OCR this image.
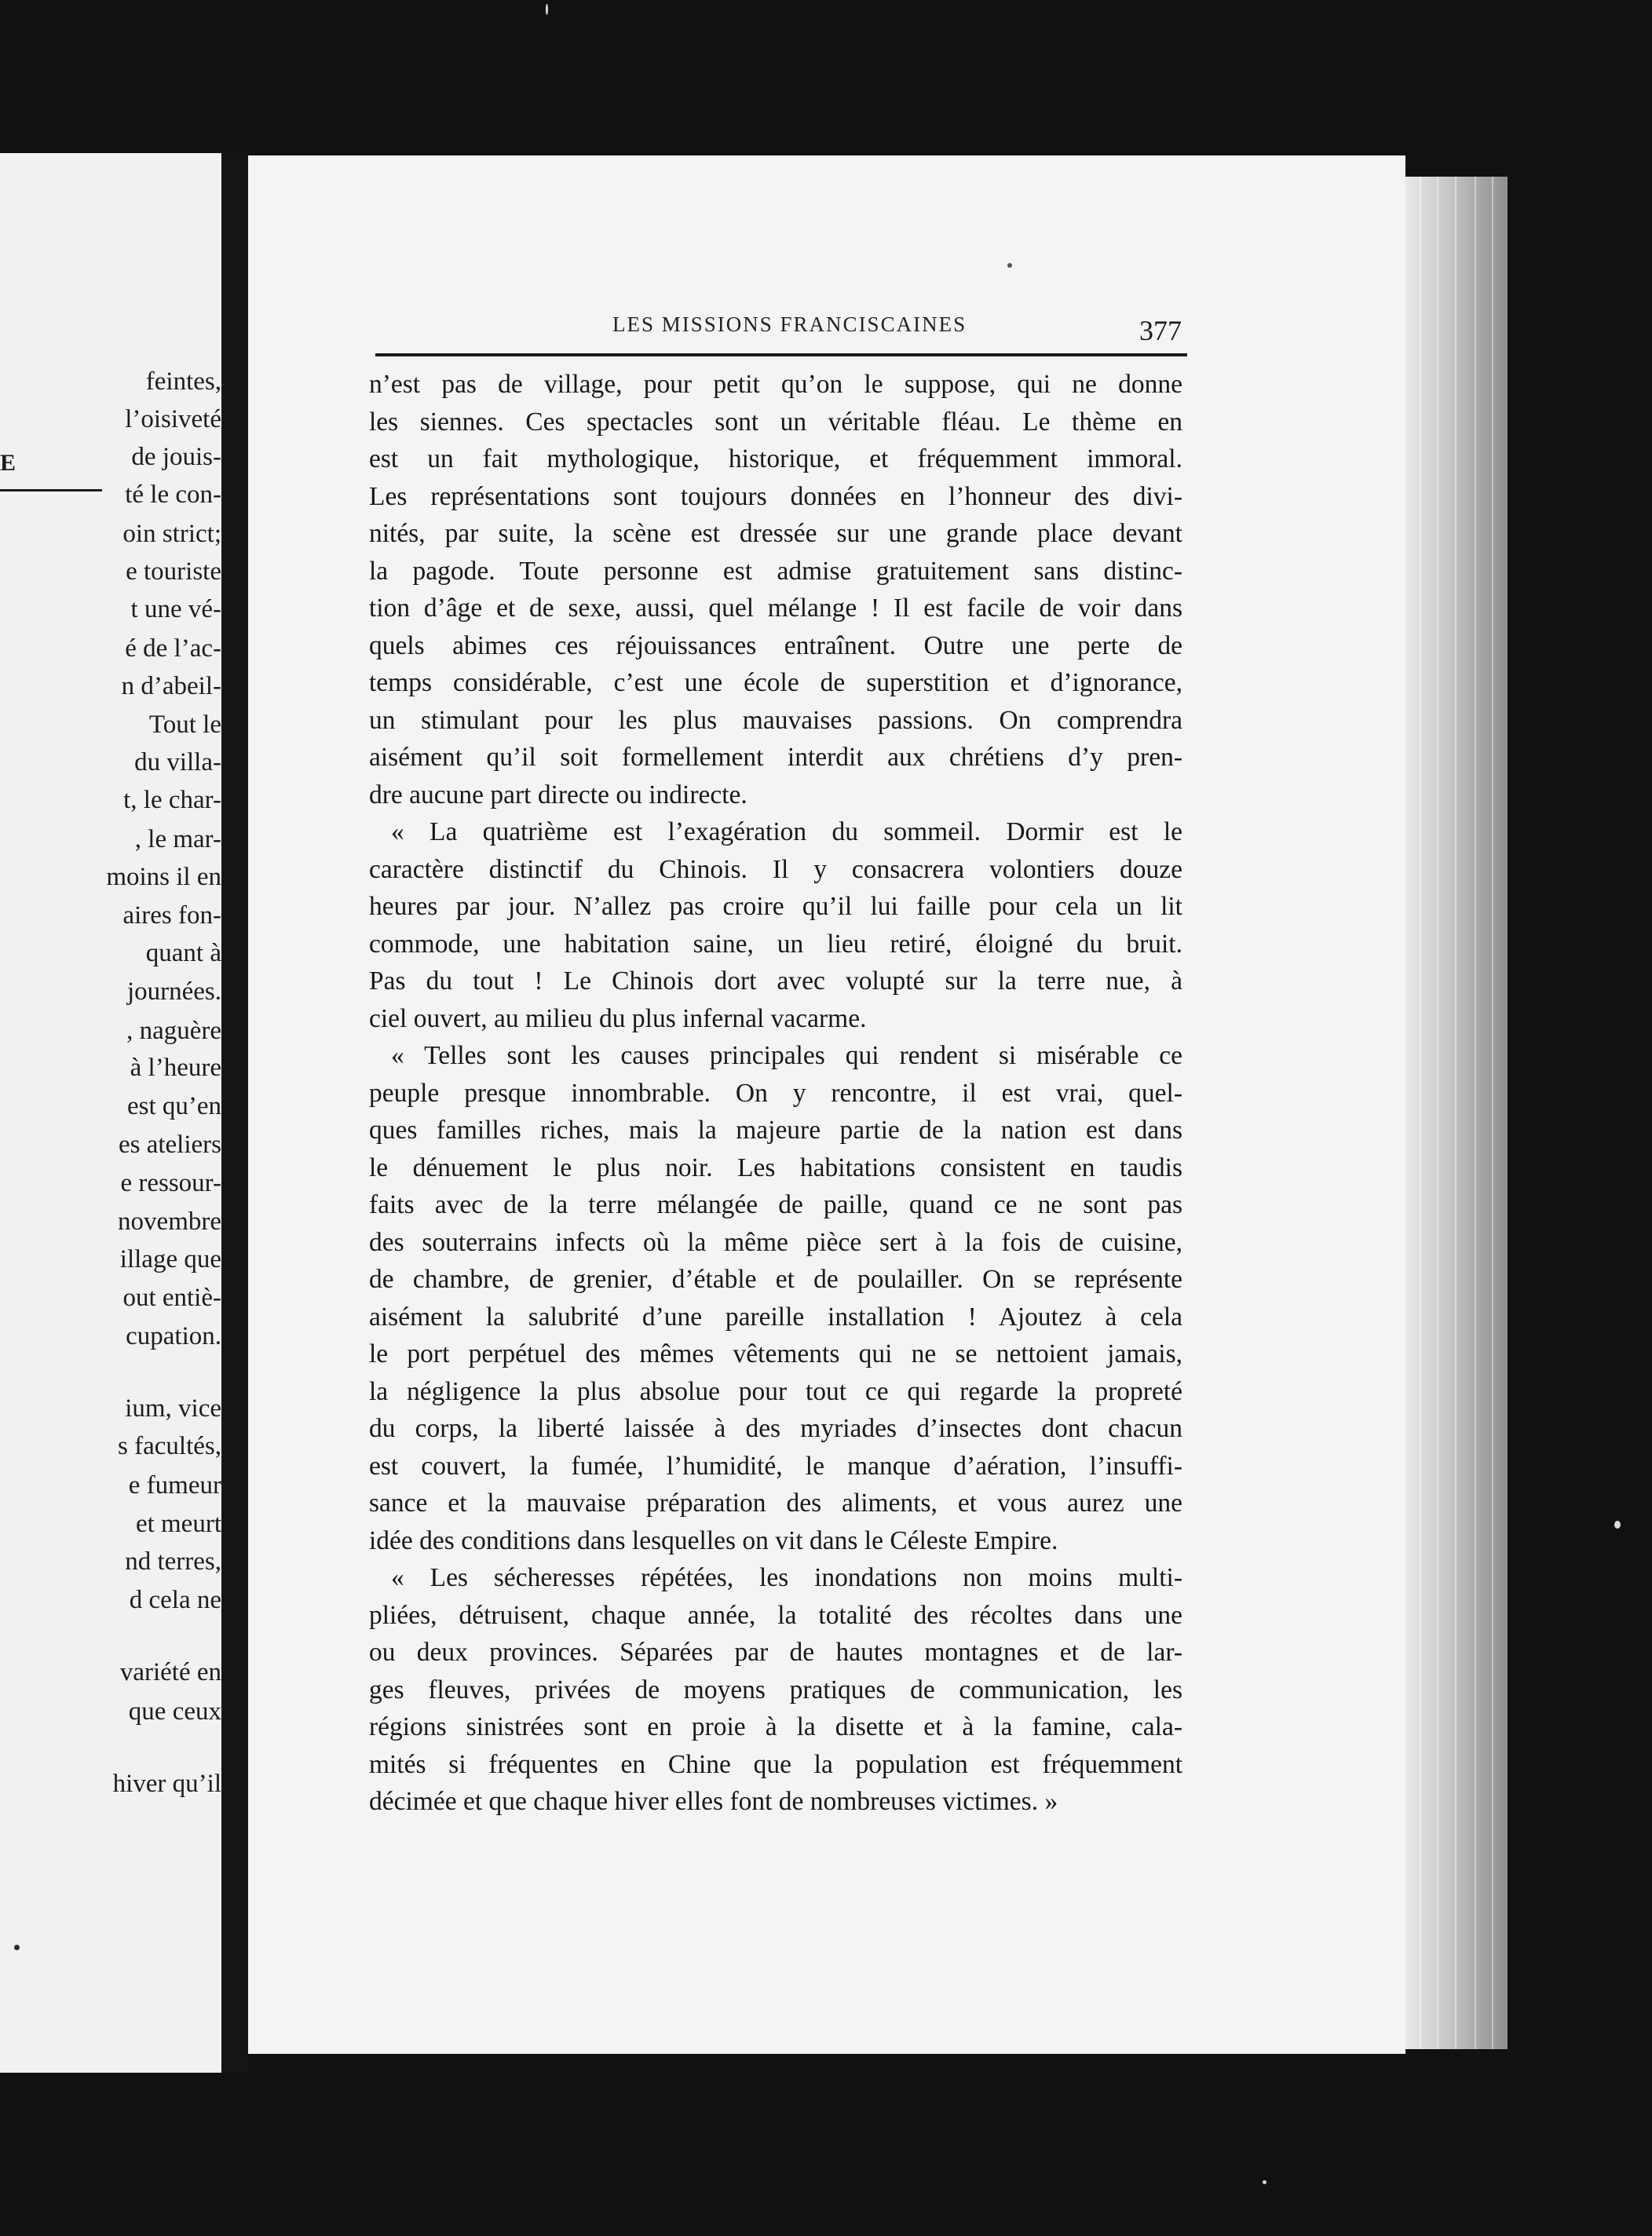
E
feintes,
l’oisiveté
de jouis-
té le con-
oin strict;
e touriste
t une vé-
é de l’ac-
n d’abeil-
Tout le
du villa-
t, le char-
, le mar-
moins il en
aires fon-
quant à
journées.
, naguère
à l’heure
est qu’en
es ateliers
e ressour-
novembre
illage que
out entiè-
cupation.
ium, vice
s facultés,
e fumeur
et meurt
nd terres,
d cela ne
variété en
que ceux
hiver qu’il
LES MISSIONS FRANCISCAINES	377
n’est pas de village, pour petit qu’on le suppose, qui ne donne
les siennes. Ces spectacles sont un véritable fléau. Le thème en
est un fait mythologique, historique, et fréquemment immoral.
Les représentations sont toujours données en l’honneur des divi-
nités, par suite, la scène est dressée sur une grande place devant
la pagode. Toute personne est admise gratuitement sans distinc-
tion d’âge et de sexe, aussi, quel mélange ! Il est facile de voir dans
quels abimes ces réjouissances entraînent. Outre une perte de
temps considérable, c’est une école de superstition et d’ignorance,
un stimulant pour les plus mauvaises passions. On comprendra
aisément qu’il soit formellement interdit aux chrétiens d’y pren-
dre aucune part directe ou indirecte.
« La quatrième est l’exagération du sommeil. Dormir est le
caractère distinctif du Chinois. Il y consacrera volontiers douze
heures par jour. N’allez pas croire qu’il lui faille pour cela un lit
commode, une habitation saine, un lieu retiré, éloigné du bruit.
Pas du tout ! Le Chinois dort avec volupté sur la terre nue, à
ciel ouvert, au milieu du plus infernal vacarme.
« Telles sont les causes principales qui rendent si misérable ce
peuple presque innombrable. On y rencontre, il est vrai, quel-
ques familles riches, mais la majeure partie de la nation est dans
le dénuement le plus noir. Les habitations consistent en taudis
faits avec de la terre mélangée de paille, quand ce ne sont pas
des souterrains infects où la même pièce sert à la fois de cuisine,
de chambre, de grenier, d’étable et de poulailler. On se représente
aisément la salubrité d’une pareille installation ! Ajoutez à cela
le port perpétuel des mêmes vêtements qui ne se nettoient jamais,
la négligence la plus absolue pour tout ce qui regarde la propreté
du corps, la liberté laissée à des myriades d’insectes dont chacun
est couvert, la fumée, l’humidité, le manque d’aération, l’insuffi-
sance et la mauvaise préparation des aliments, et vous aurez une
idée des conditions dans lesquelles on vit dans le Céleste Empire.
« Les sécheresses répétées, les inondations non moins multi-
pliées, détruisent, chaque année, la totalité des récoltes dans une
ou deux provinces. Séparées par de hautes montagnes et de lar-
ges fleuves, privées de moyens pratiques de communication, les
régions sinistrées sont en proie à la disette et à la famine, cala-
mités si fréquentes en Chine que la population est fréquemment
décimée et que chaque hiver elles font de nombreuses victimes. »
